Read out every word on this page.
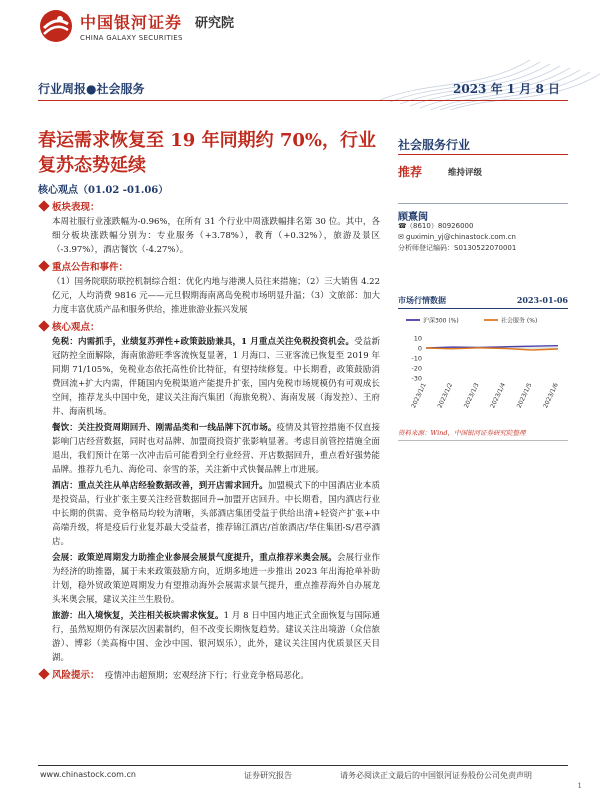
中国银河证券
CHINA GALAXY SECURITIES
研究院
行业周报●社会服务	2023 年 1 月 8 日
春运需求恢复至 19 年同期约 70%，行业复苏态势延续
核心观点（01.02 -01.06）
板块表现：

本周社服行业涨跌幅为-0.96%，在所有 31 个行业中周涨跌幅排名第 30 位。其中，各细分板块涨跌幅分别为：专业服务（+3.78%），教育（+0.32%），旅游及景区（-3.97%），酒店餐饮（-4.27%）。

重点公告和事件：

（1）国务院联防联控机制综合组：优化内地与港澳人员往来措施；（2）三大销售 4.22 亿元，人均消费 9816 元——元旦假期海南离岛免税市场明显升温；（3）文旅部：加大力度丰富优质产品和服务供给，推进旅游业振兴发展

核心观点：

免税：内需抓手，业绩复苏弹性+政策鼓励兼具，1 月重点关注免税投资机会。受益新冠防控全面解除，海南旅游旺季客流恢复显著，1 月海口、三亚客流已恢复至 2019 年同期 71/105%，免税业态依托高性价比特征，有望持续修复。中长期看，政策鼓励消费回流+扩大内需，伴随国内免税渠道产能提升扩张，国内免税市场规模仍有可观成长空间，推荐龙头中国中免，建议关注海汽集团（海旅免税）、海南发展（海发控）、王府井、海南机场。

餐饮：关注投资周期回升、刚需品类和一线品牌下沉市场。疫情及其管控措施不仅直接影响门店经营数据，同时也对品牌、加盟商投资扩张影响显著。考虑目前管控措施全面退出，我们预计在第一次冲击后可能看到全行业经营、开店数据回升，重点看好强势能品牌。推荐九毛九、海伦司、奈雪的茶，关注新中式快餐品牌上市进展。

酒店：重点关注从单店经验数据改善，到开店需求回升。加盟模式下的中国酒店业本质是投资品，行业扩张主要关注经营数据回升→加盟开店回升。中长期看，国内酒店行业中长期的供需、竞争格局均较为清晰，头部酒店集团受益于供给出清+轻资产扩张+中高端升级，将是疫后行业复苏最大受益者，推荐锦江酒店/首旅酒店/华住集团-S/君亭酒店。

会展：政策逆周期发力助推企业参展会展景气度提升，重点推荐米奥会展。会展行业作为经济的助推器，属于未来政策鼓励方向，近期多地进一步推出 2023 年出海抢单补助计划，稳外贸政策逆周期发力有望推动海外会展需求景气提升，重点推荐海外自办展龙头米奥会展，建议关注兰生股份。

旅游：出入境恢复，关注相关板块需求恢复。1 月 8 日中国内地正式全面恢复与国际通行，虽然短期仍有深层次因素制约，但不改变长期恢复趋势。建议关注出境游（众信旅游）、博彩（美高梅中国、金沙中国、银河娱乐），此外，建议关注国内优质景区天目湖。

风险提示： 疫情冲击超预期；宏观经济下行；行业竞争格局恶化。

社会服务行业
推荐	维持评级
顾熹闽
☎（8610）80926000
✉ guximin_yj@chinastock.com.cn
分析师登记编码：S0130522070001
市场行情数据	2023-01-06
沪深300 (%)	社会服务 (%)
10
0
-10
-20
-30
2023/1/1 2023/1/2 2023/1/3 2023/1/4 2023/1/5 2023/1/6
资料来源：Wind，中国银河证券研究院整理
www.chinastock.com.cn	证券研究报告	请务必阅读正文最后的中国银河证券股份公司免责声明
1
